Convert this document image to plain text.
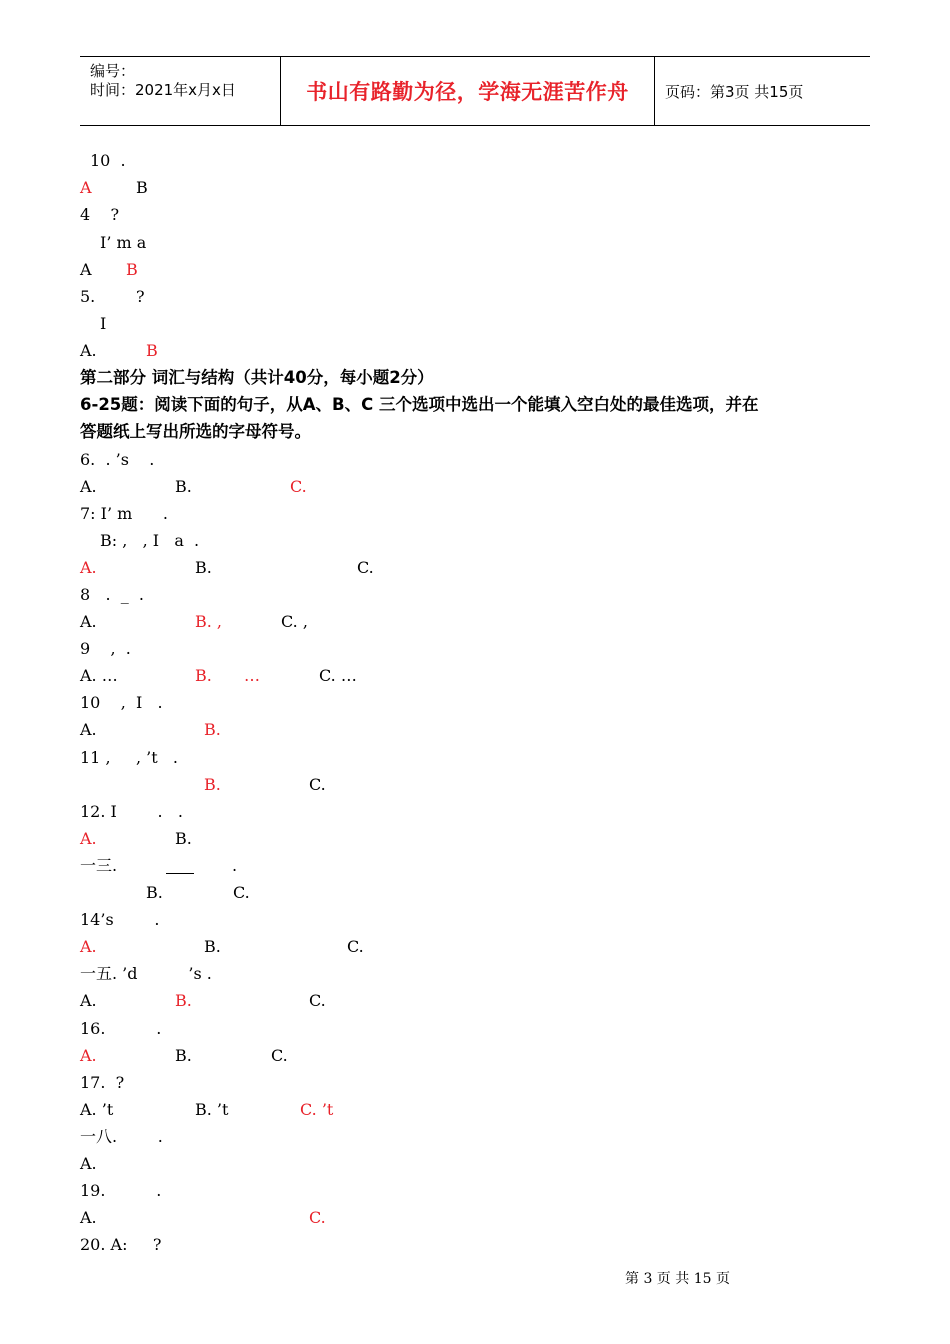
编号：
时间：2021年x月x日	书山有路勤为径，学海无涯苦作舟 页码：第3页 共15页
10  .
A	B
4    ?
I’ m a
A B
5.        ?
I
A.	B
第二部分 词汇与结构（共计40分，每小题2分）
6-25题：阅读下面的句子，从A、B、C 三个选项中选出一个能填入空白处的最佳选项，并在
答题纸上写出所选的字母符号。
6.  . ’s    .
A.	B.	C.
7: I’ m      .
B: ,   , I   a  .
A.	B.	C.
8   .  _  .
A.	B. ,	C. ,
9    ,  .
A. …	B. …	C. …
10    ,  I   .
A.	B.
11 ,     , ’t   .
B.	C.
12. I        .   .
A.	B.
一三.	.
B.	C.
14’s        .
A.	B.	C.
一五. ’d          ’s .
A.	B.	C.
16.          .
A.	B.	C.
17.  ?
A. ’t	B. ’t	C. ’t
一八.        .
A.
19.          .
A.	C.
20. A:     ?
第 3 页 共 15 页
